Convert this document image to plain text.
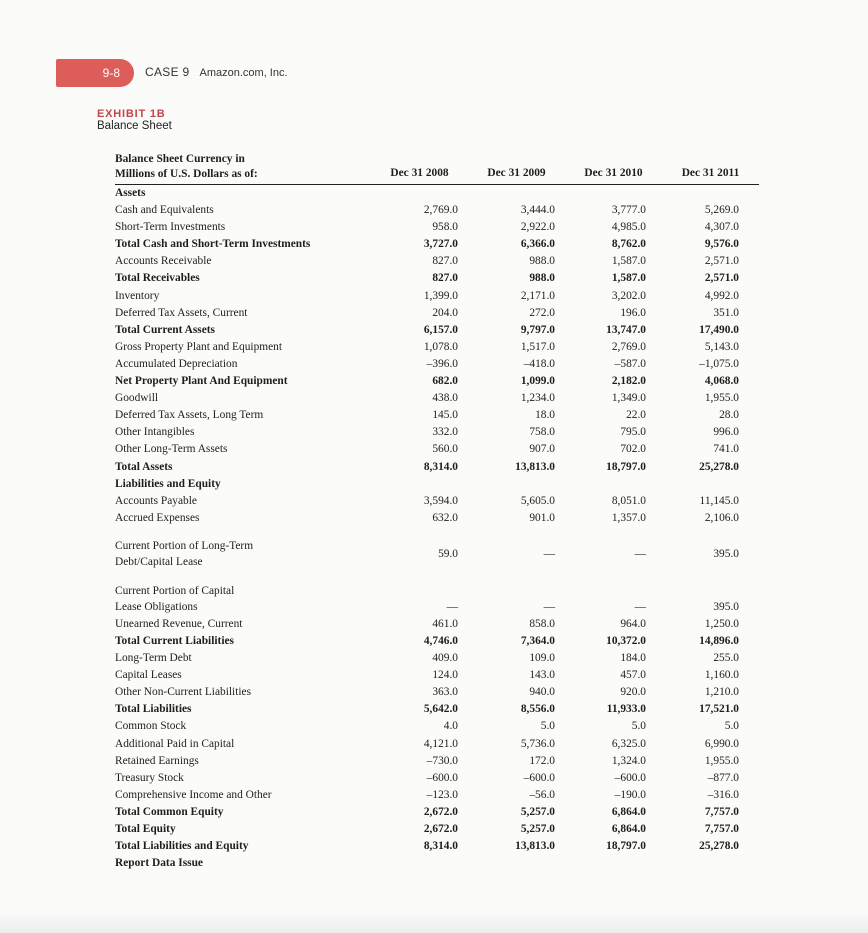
9-8 CASE 9 Amazon.com, Inc.
EXHIBIT 1B
Balance Sheet
Balance Sheet Currency in
Millions of U.S. Dollars as of:	Dec 31 2008	Dec 31 2009	Dec 31 2010	Dec 31 2011
Assets				
Cash and Equivalents	2,769.0	3,444.0	3,777.0	5,269.0
Short-Term Investments	958.0	2,922.0	4,985.0	4,307.0
Total Cash and Short-Term Investments	3,727.0	6,366.0	8,762.0	9,576.0
Accounts Receivable	827.0	988.0	1,587.0	2,571.0
Total Receivables	827.0	988.0	1,587.0	2,571.0
Inventory	1,399.0	2,171.0	3,202.0	4,992.0
Deferred Tax Assets, Current	204.0	272.0	196.0	351.0
Total Current Assets	6,157.0	9,797.0	13,747.0	17,490.0
Gross Property Plant and Equipment	1,078.0	1,517.0	2,769.0	5,143.0
Accumulated Depreciation	–396.0	–418.0	–587.0	–1,075.0
Net Property Plant And Equipment	682.0	1,099.0	2,182.0	4,068.0
Goodwill	438.0	1,234.0	1,349.0	1,955.0
Deferred Tax Assets, Long Term	145.0	18.0	22.0	28.0
Other Intangibles	332.0	758.0	795.0	996.0
Other Long-Term Assets	560.0	907.0	702.0	741.0
Total Assets	8,314.0	13,813.0	18,797.0	25,278.0
Liabilities and Equity				
Accounts Payable	3,594.0	5,605.0	8,051.0	11,145.0
Accrued Expenses	632.0	901.0	1,357.0	2,106.0
Current Portion of Long-Term
Debt/Capital Lease	59.0	—	—	395.0
Current Portion of Capital
Lease Obligations	—	—	—	395.0
Unearned Revenue, Current	461.0	858.0	964.0	1,250.0
Total Current Liabilities	4,746.0	7,364.0	10,372.0	14,896.0
Long-Term Debt	409.0	109.0	184.0	255.0
Capital Leases	124.0	143.0	457.0	1,160.0
Other Non-Current Liabilities	363.0	940.0	920.0	1,210.0
Total Liabilities	5,642.0	8,556.0	11,933.0	17,521.0
Common Stock	4.0	5.0	5.0	5.0
Additional Paid in Capital	4,121.0	5,736.0	6,325.0	6,990.0
Retained Earnings	–730.0	172.0	1,324.0	1,955.0
Treasury Stock	–600.0	–600.0	–600.0	–877.0
Comprehensive Income and Other	–123.0	–56.0	–190.0	–316.0
Total Common Equity	2,672.0	5,257.0	6,864.0	7,757.0
Total Equity	2,672.0	5,257.0	6,864.0	7,757.0
Total Liabilities and Equity	8,314.0	13,813.0	18,797.0	25,278.0
Report Data Issue				
